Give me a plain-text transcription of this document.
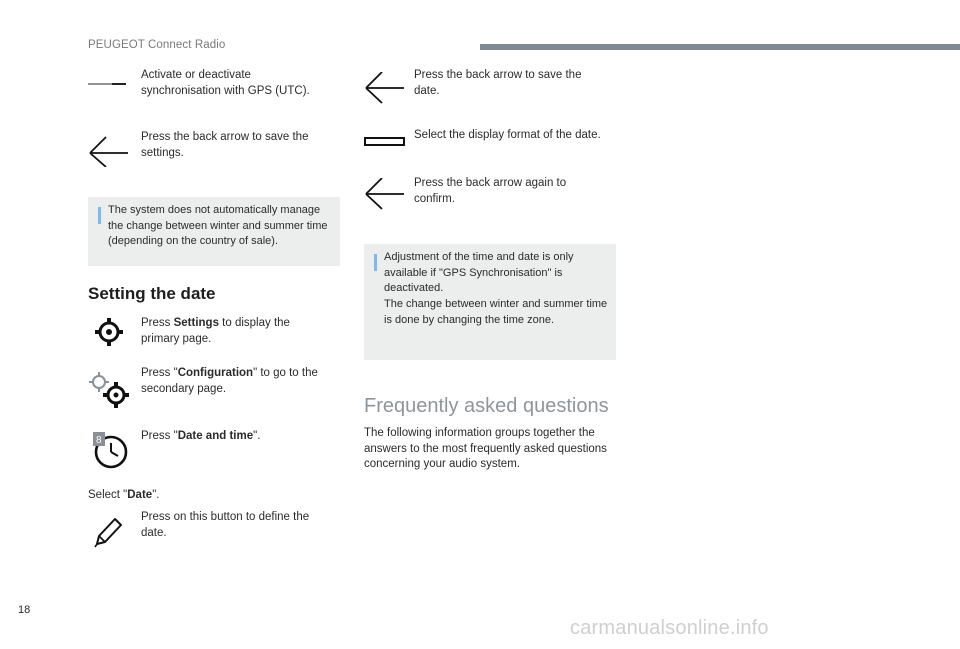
PEUGEOT Connect Radio
Activate or deactivate synchronisation with GPS (UTC).
Press the back arrow to save the settings.
The system does not automatically manage the change between winter and summer time (depending on the country of sale).
Setting the date
Press Settings to display the primary page.
Press "Configuration" to go to the secondary page.
8	Press "Date and time".
Select "Date".
Press on this button to define the date.
Press the back arrow to save the date.
Select the display format of the date.
Press the back arrow again to confirm.
Adjustment of the time and date is only available if "GPS Synchronisation" is deactivated.
The change between winter and summer time is done by changing the time zone.
Frequently asked questions
The following information groups together the answers to the most frequently asked questions concerning your audio system.
18
carmanualsonline.info
